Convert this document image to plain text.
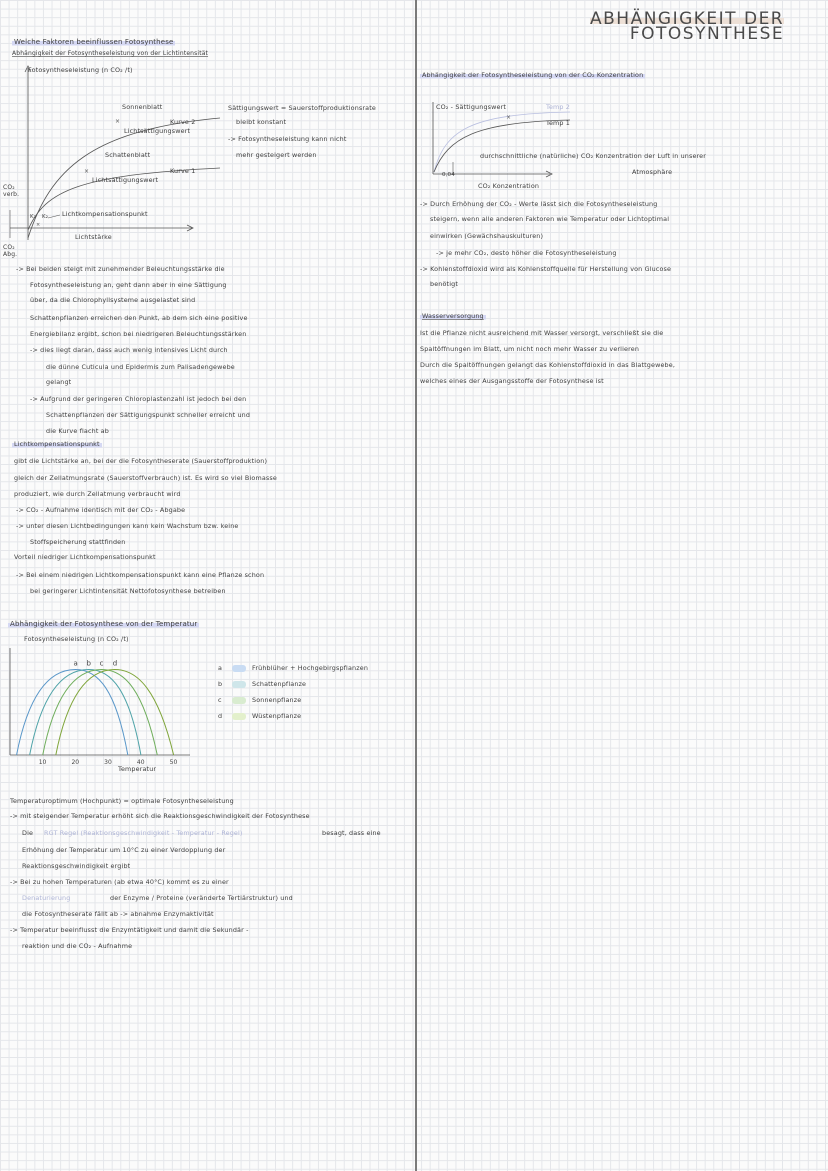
ABHÄNGIGKEIT DER
FOTOSYNTHESE
Welche Faktoren beeinflussen Fotosynthese
Abhängigkeit der Fotosyntheseleistung von der Lichtintensität
Fotosyntheseleistung (n CO₂ /t)
×
×
×
Sonnenblatt
Kurve 2
Lichtsättigungswert
Schattenblatt
Kurve 1
Lichtsättigungswert
CO₂ verb.
CO₂ Abg.
K₁ K₂ Lichtkompensationspunkt
Lichtstärke
Sättigungswert = Sauerstoffproduktionsrate
bleibt konstant
-> Fotosyntheseleistung kann nicht
mehr gesteigert werden
-> Bei beiden steigt mit zunehmender Beleuchtungsstärke die
Fotosyntheseleistung an, geht dann aber in eine Sättigung
über, da die Chlorophyllsysteme ausgelastet sind
Schattenpflanzen erreichen den Punkt, ab dem sich eine positive
Energiebilanz ergibt, schon bei niedrigeren Beleuchtungsstärken
-> dies liegt daran, dass auch wenig intensives Licht durch
die dünne Cuticula und Epidermis zum Palisadengewebe
gelangt
-> Aufgrund der geringeren Chloroplastenzahl ist jedoch bei den
Schattenpflanzen der Sättigungspunkt schneller erreicht und
die Kurve flacht ab
Lichtkompensationspunkt
gibt die Lichtstärke an, bei der die Fotosyntheserate (Sauerstoffproduktion)
gleich der Zellatmungsrate (Sauerstoffverbrauch) ist. Es wird so viel Biomasse
produziert, wie durch Zellatmung verbraucht wird
-> CO₂ - Aufnahme identisch mit der CO₂ - Abgabe
-> unter diesen Lichtbedingungen kann kein Wachstum bzw. keine
Stoffspeicherung stattfinden
Vorteil niedriger Lichtkompensationspunkt
-> Bei einem niedrigen Lichtkompensationspunkt kann eine Pflanze schon
bei geringerer Lichtintensität Nettofotosynthese betreiben
Abhängigkeit der Fotosynthese von der Temperatur
Fotosyntheseleistung (n CO₂ /t)
a b c d
10	20	30	40	50
Temperatur
a	Frühblüher + Hochgebirgspflanzen
b	Schattenpflanze
c	Sonnenpflanze
d	Wüstenpflanze
Temperaturoptimum (Hochpunkt) = optimale Fotosyntheseleistung
-> mit steigender Temperatur erhöht sich die Reaktionsgeschwindigkeit der Fotosynthese
Die RGT Regel (Reaktionsgeschwindigkeit - Temperatur - Regel)	besagt, dass eine
Erhöhung der Temperatur um 10°C zu einer Verdopplung der
Reaktionsgeschwindigkeit ergibt
-> Bei zu hohen Temperaturen (ab etwa 40°C) kommt es zu einer
Denaturierung	der Enzyme / Proteine (veränderte Tertiärstruktur) und
die Fotosyntheserate fällt ab -> abnahme Enzymaktivität
-> Temperatur beeinflusst die Enzymtätigkeit und damit die Sekundär -
reaktion und die CO₂ - Aufnahme
Abhängigkeit der Fotosyntheseleistung von der CO₂ Konzentration
×
CO₂ - Sättigungswert	Temp 2
Temp 1
durchschnittliche (natürliche) CO₂ Konzentration der Luft in unserer
Atmosphäre
0,04
CO₂ Konzentration
-> Durch Erhöhung der CO₂ - Werte lässt sich die Fotosyntheseleistung
steigern, wenn alle anderen Faktoren wie Temperatur oder Lichtoptimal
einwirken (Gewächshauskulturen)
-> je mehr CO₂, desto höher die Fotosyntheseleistung
-> Kohlenstoffdioxid wird als Kohlenstoffquelle für Herstellung von Glucose
benötigt
Wasserversorgung
Ist die Pflanze nicht ausreichend mit Wasser versorgt, verschließt sie die
Spaltöffnungen im Blatt, um nicht noch mehr Wasser zu verlieren
Durch die Spaltöffnungen gelangt das Kohlenstoffdioxid in das Blattgewebe,
welches eines der Ausgangsstoffe der Fotosynthese ist
